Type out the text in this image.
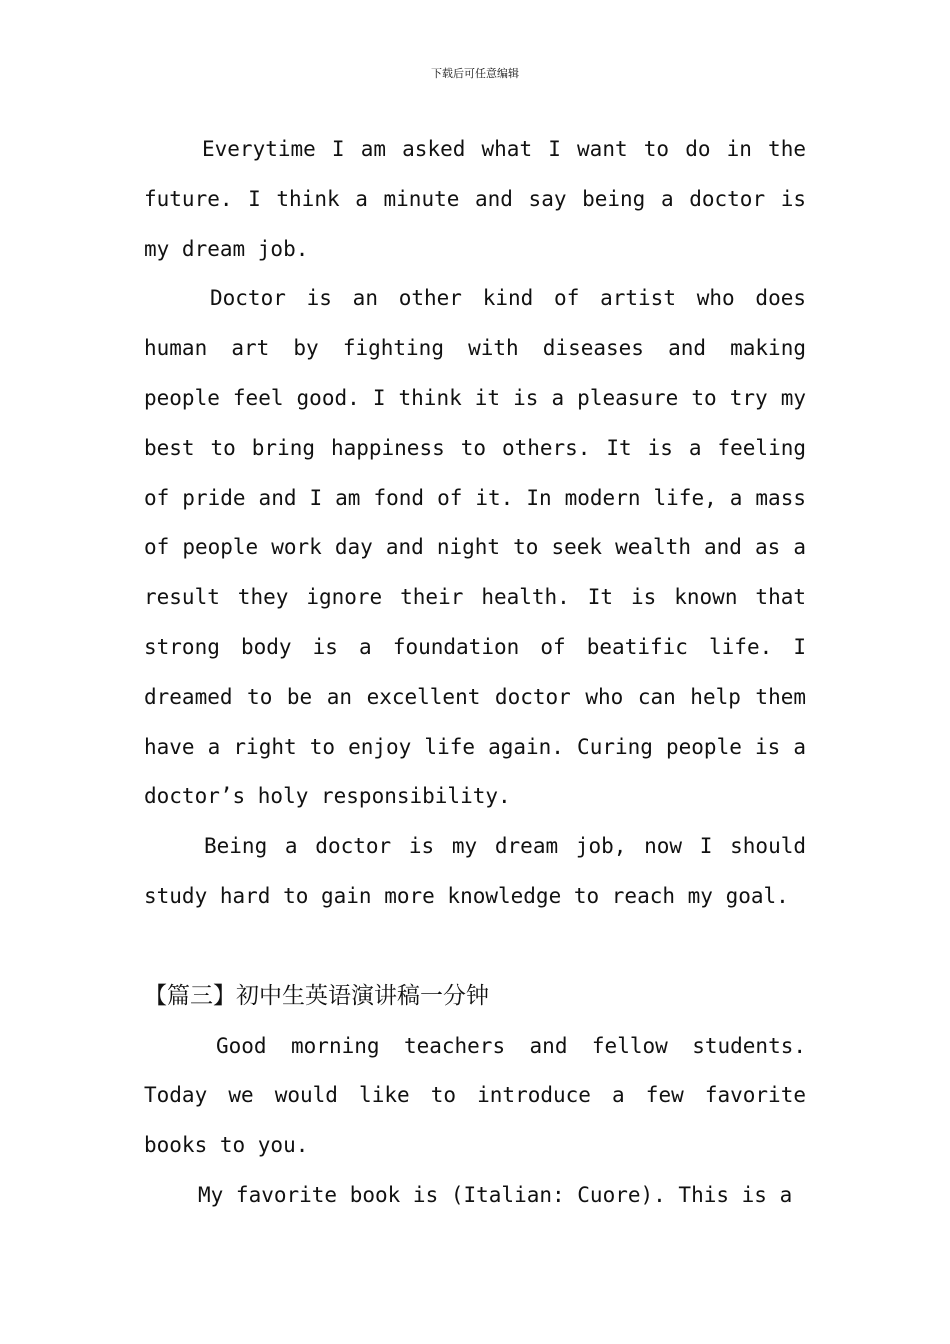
下载后可任意编辑

Everytime I am asked what I want to do in the future. I think a minute and say being a doctor is my dream job.

Doctor is an other kind of artist who does human art by fighting with diseases and making people feel good. I think it is a pleasure to try my best to bring happiness to others. It is a feeling of pride and I am fond of it. In modern life, a mass of people work day and night to seek wealth and as a result they ignore their health. It is known that strong body is a foundation of beatific life. I dreamed to be an excellent doctor who can help them have a right to enjoy life again. Curing people is a doctor’s holy responsibility.

Being a doctor is my dream job, now I should study hard to gain more knowledge to reach my goal.

【篇三】初中生英语演讲稿一分钟

Good morning teachers and fellow students. Today we would like to introduce a few favorite books to you.

My favorite book is (Italian: Cuore). This is a
